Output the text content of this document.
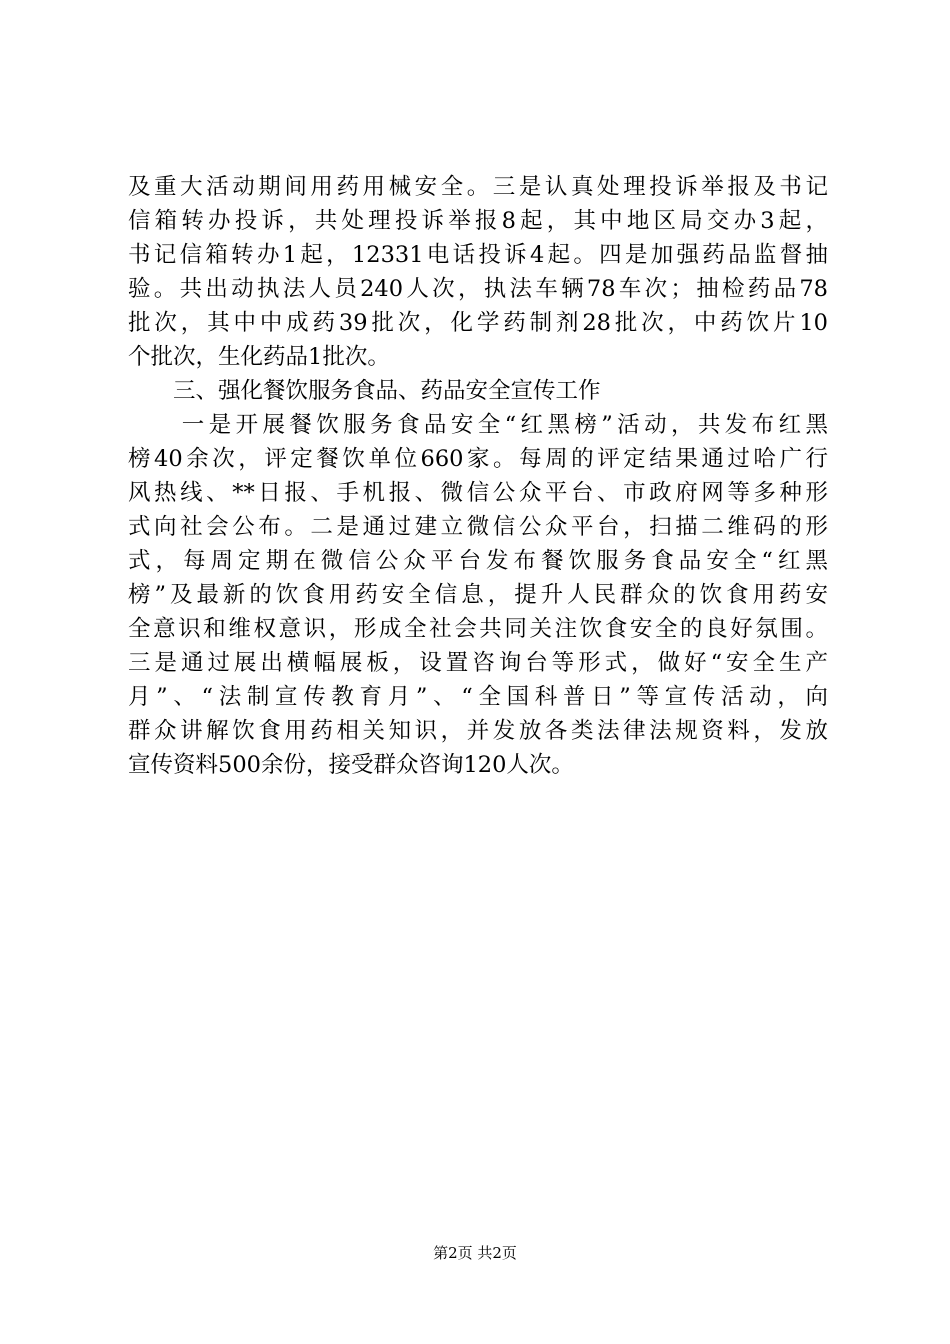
及重大活动期间用药用械安全。三是认真处理投诉举报及书记
信箱转办投诉，共处理投诉举报8起，其中地区局交办3起，
书记信箱转办1起，12331电话投诉4起。四是加强药品监督抽
验。共出动执法人员240人次，执法车辆78车次；抽检药品78
批次，其中中成药39批次，化学药制剂28批次，中药饮片10
个批次，生化药品1批次。
　　三、强化餐饮服务食品、药品安全宣传工作
　　一是开展餐饮服务食品安全“红黑榜”活动，共发布红黑
榜40余次，评定餐饮单位660家。每周的评定结果通过哈广行
风热线、**日报、手机报、微信公众平台、市政府网等多种形
式向社会公布。二是通过建立微信公众平台，扫描二维码的形
式，每周定期在微信公众平台发布餐饮服务食品安全“红黑
榜”及最新的饮食用药安全信息，提升人民群众的饮食用药安
全意识和维权意识，形成全社会共同关注饮食安全的良好氛围。
三是通过展出横幅展板，设置咨询台等形式，做好“安全生产
月”、“法制宣传教育月”、“全国科普日”等宣传活动，向
群众讲解饮食用药相关知识，并发放各类法律法规资料，发放
宣传资料500余份，接受群众咨询120人次。
第2页 共2页
